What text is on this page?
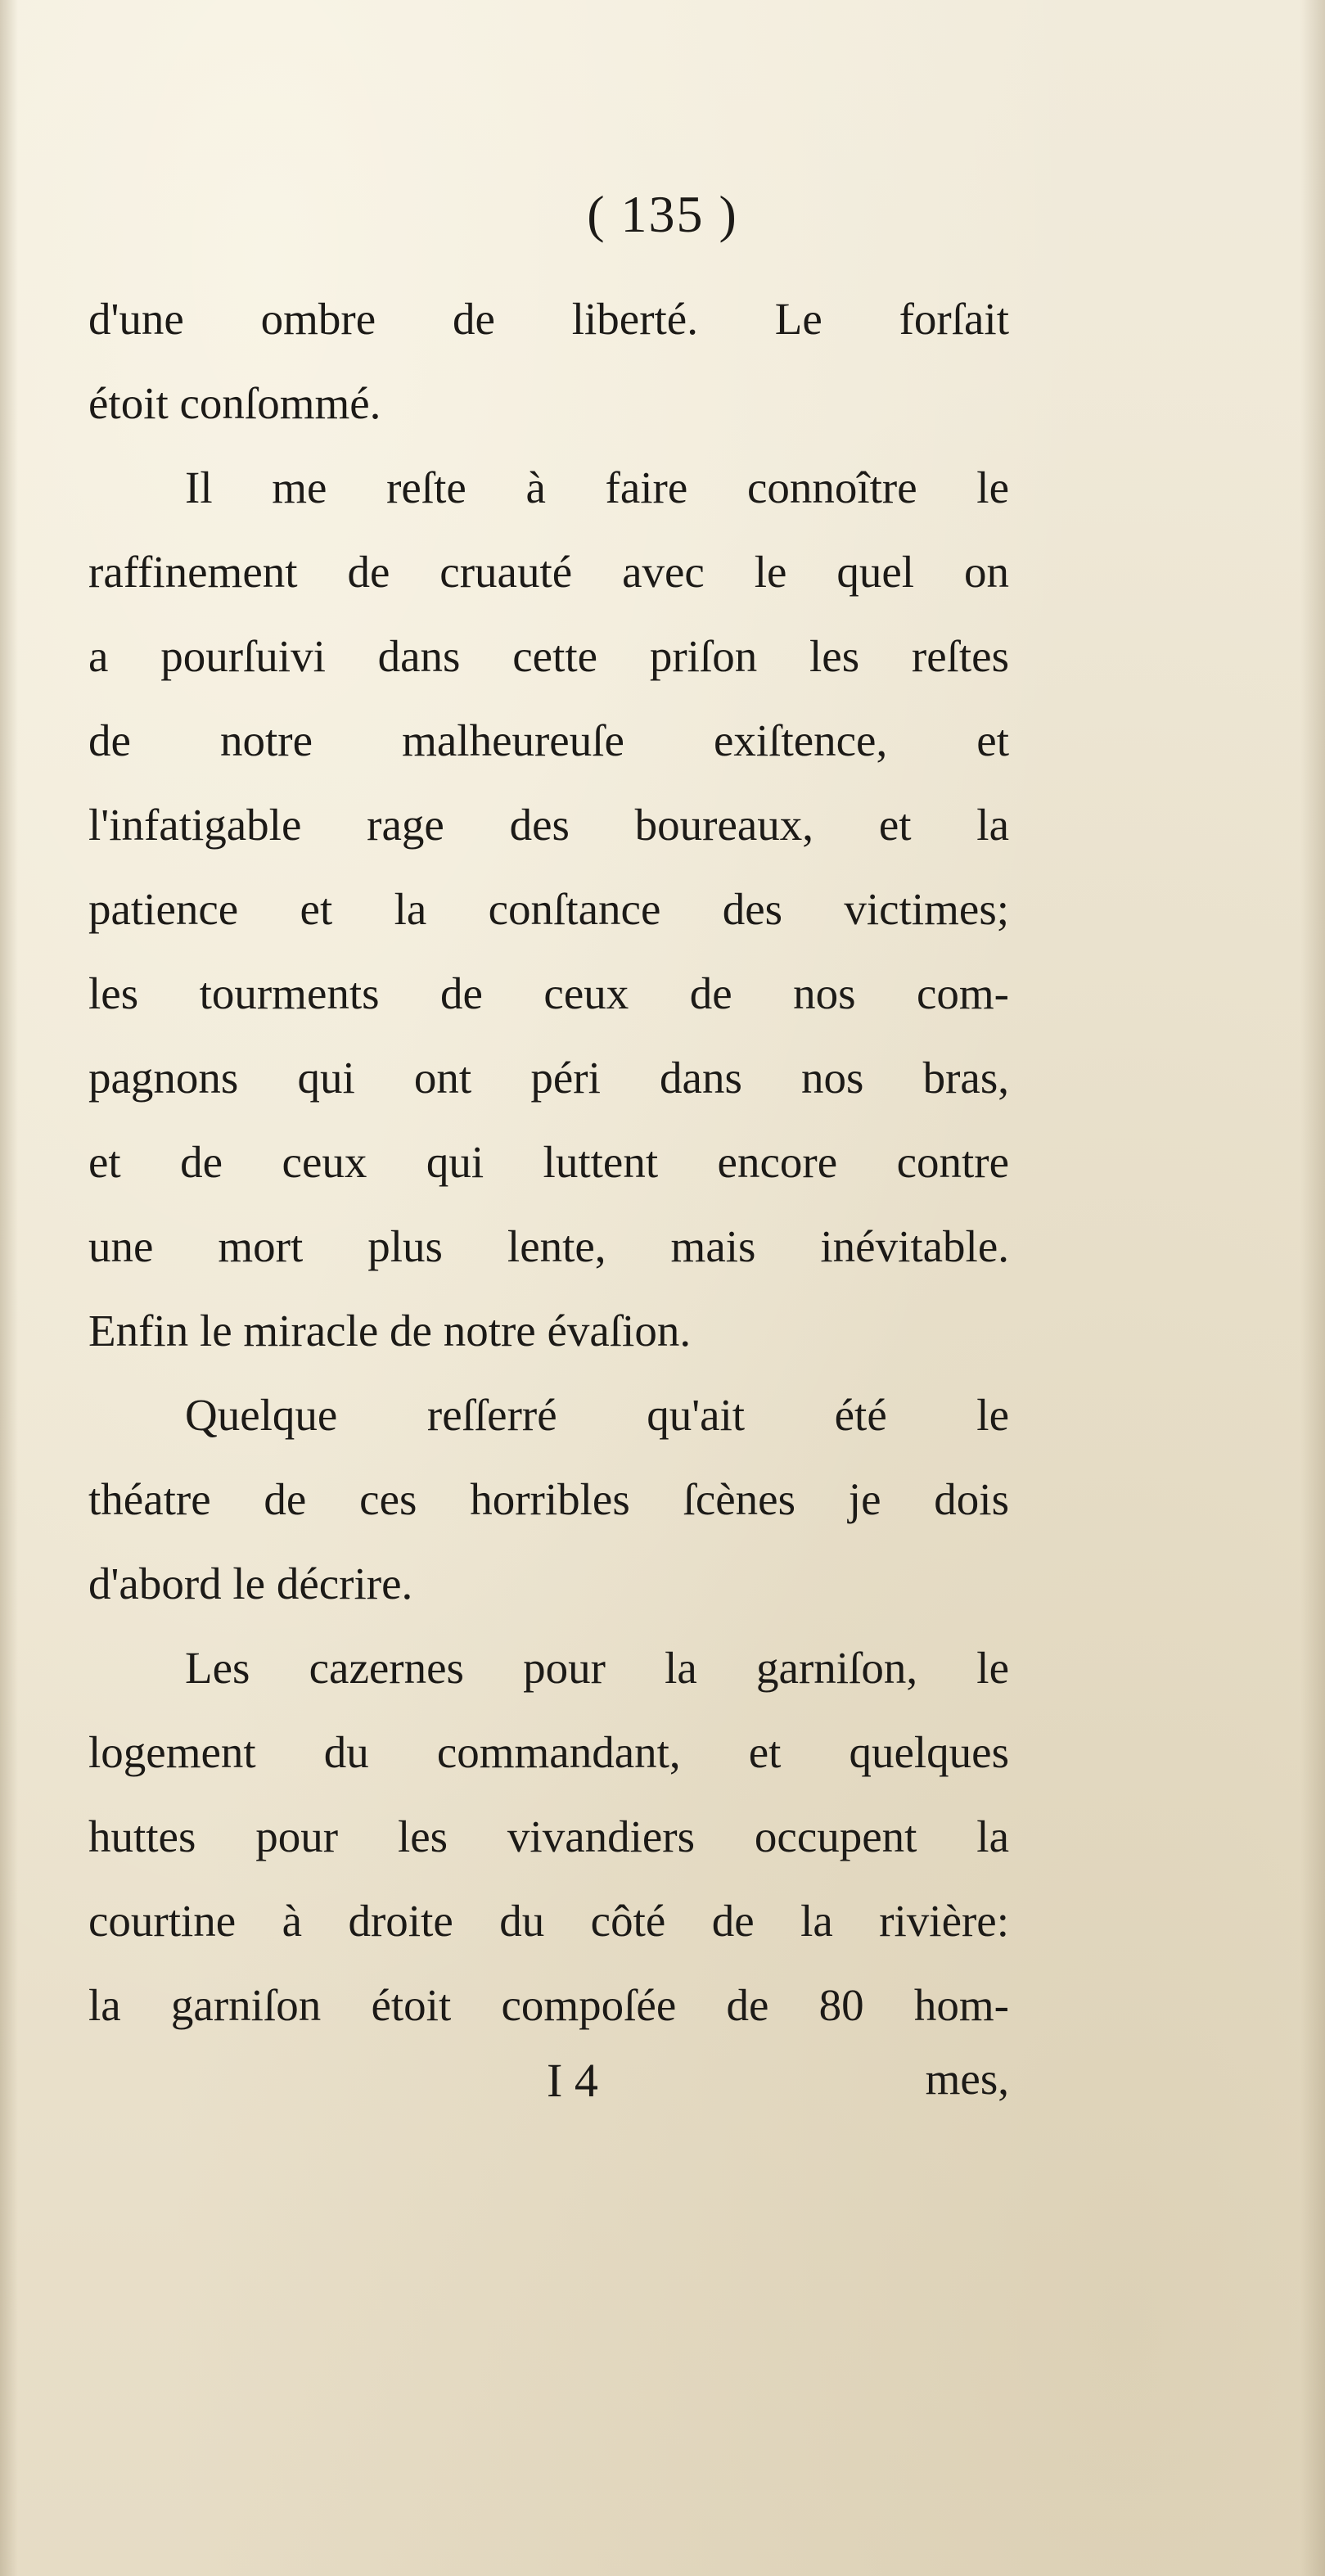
( 135 )
d'une ombre de liberté. Le forſait
étoit conſommé.
Il me reſte à faire connoître le
raffinement de cruauté avec le quel on
a pourſuivi dans cette priſon les reſtes
de notre malheureuſe exiſtence, et
l'infatigable rage des boureaux, et la
patience et la conſtance des victimes;
les tourments de ceux de nos com-
pagnons qui ont péri dans nos bras,
et de ceux qui luttent encore contre
une mort plus lente, mais inévitable.
Enfin le miracle de notre évaſion.
Quelque reſſerré qu'ait été le
théatre de ces horribles ſcènes je dois
d'abord le décrire.
Les cazernes pour la garniſon, le
logement du commandant, et quelques
huttes pour les vivandiers occupent la
courtine à droite du côté de la rivière:
la garniſon étoit compoſée de 80 hom-
I 4	mes,
